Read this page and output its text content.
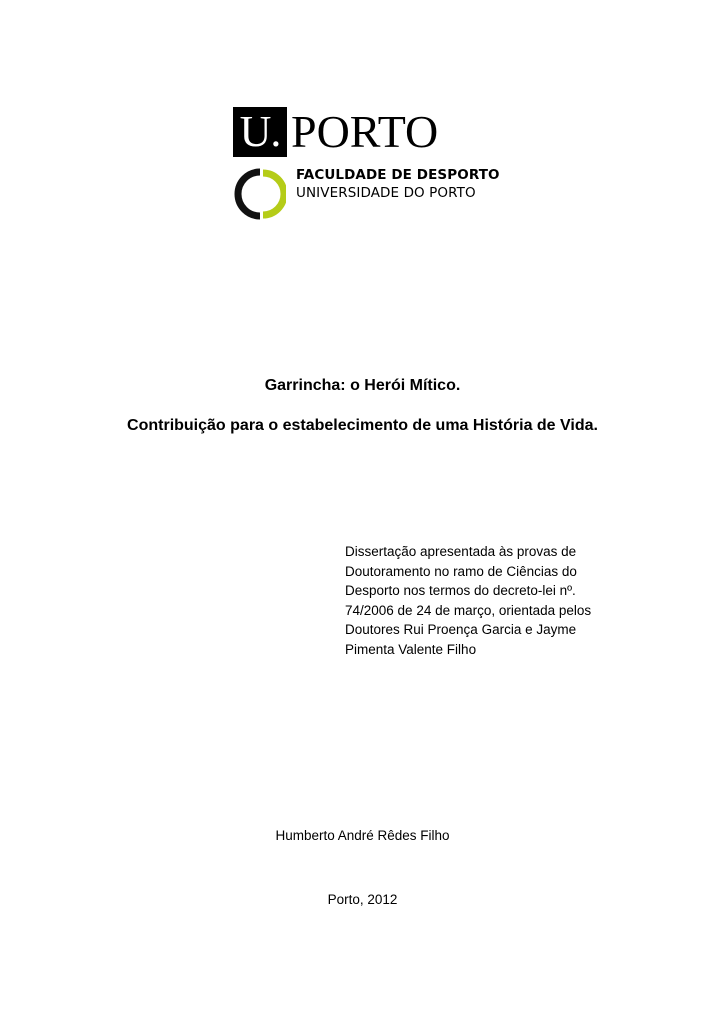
U. PORTO
FACULDADE DE DESPORTO
UNIVERSIDADE DO PORTO
Garrincha: o Herói Mítico.
Contribuição para o estabelecimento de uma História de Vida.
Dissertação apresentada às provas de
Doutoramento no ramo de Ciências do
Desporto nos termos do decreto-lei nº.
74/2006 de 24 de março, orientada pelos
Doutores Rui Proença Garcia e Jayme
Pimenta Valente Filho
Humberto André Rêdes Filho
Porto, 2012
